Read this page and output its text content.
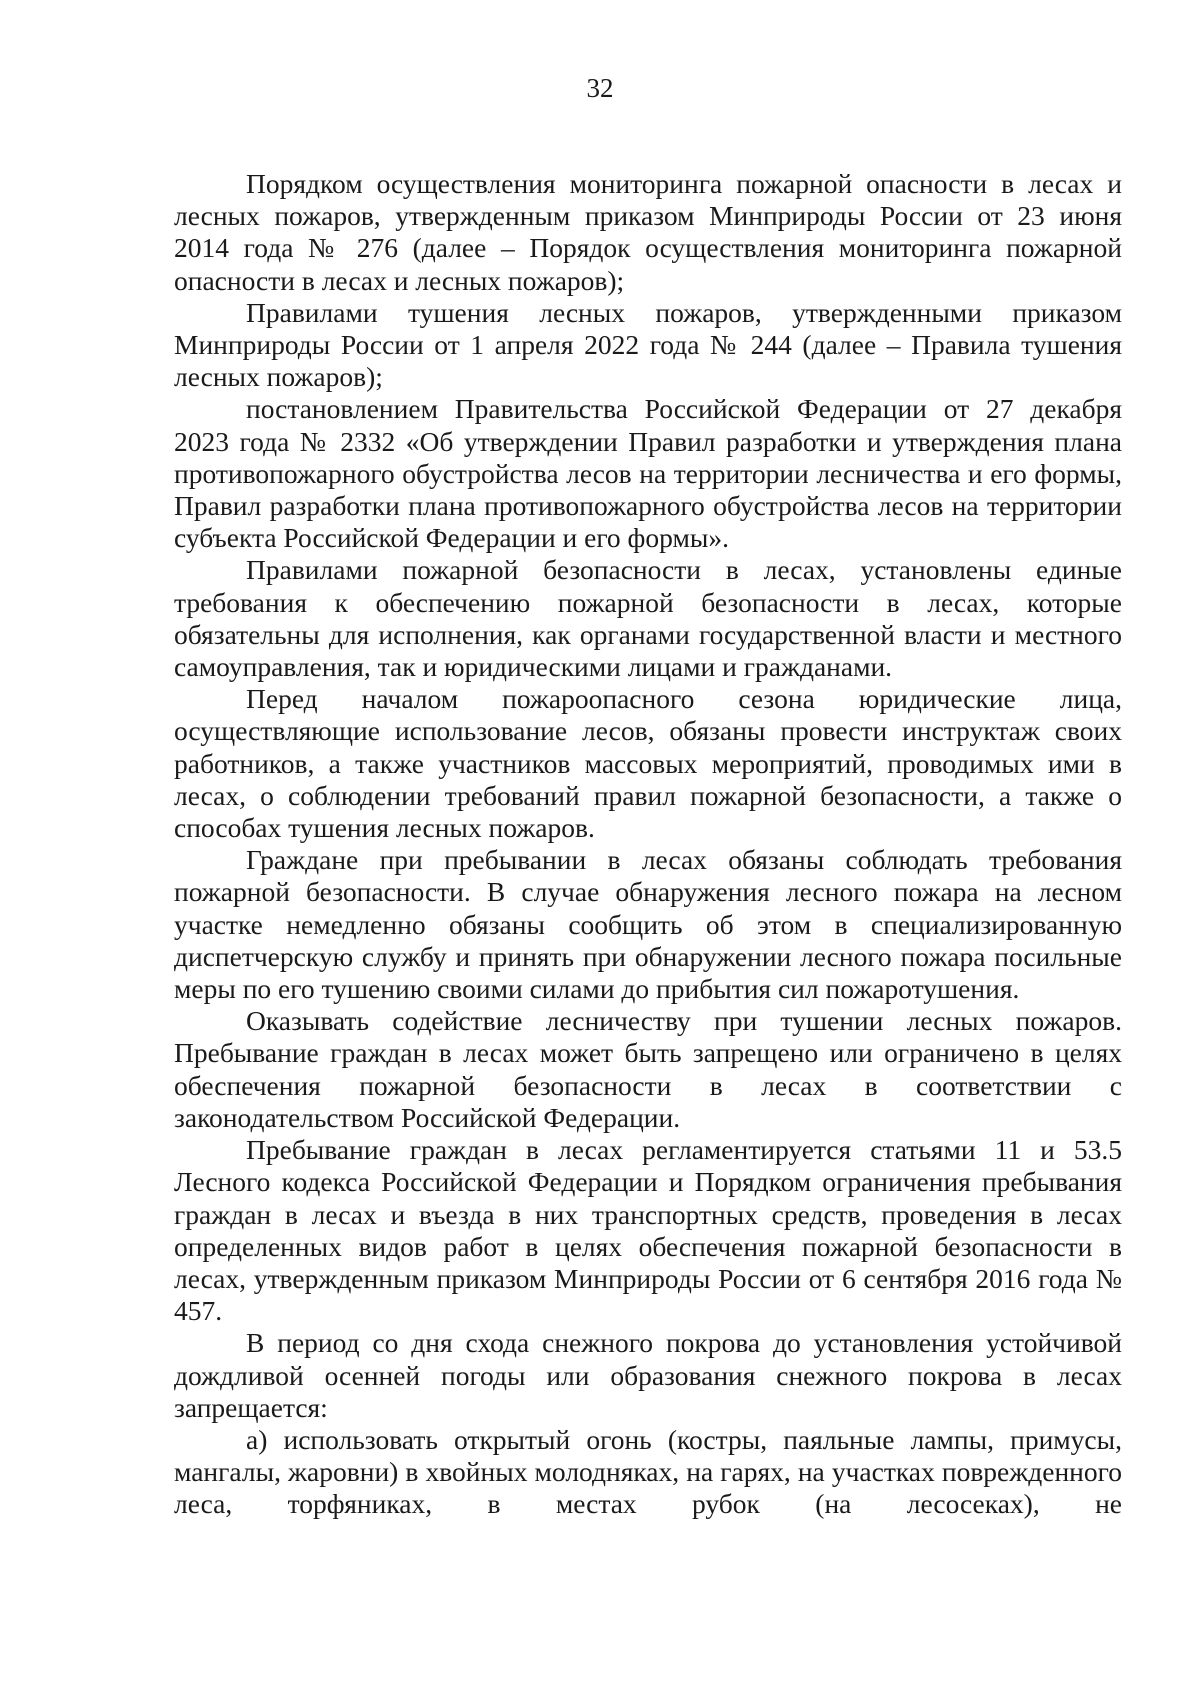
32

Порядком осуществления мониторинга пожарной опасности в лесах и лесных пожаров, утвержденным приказом Минприроды России от 23 июня 2014 года № 276 (далее – Порядок осуществления мониторинга пожарной опасности в лесах и лесных пожаров);

Правилами тушения лесных пожаров, утвержденными приказом Минприроды России от 1 апреля 2022 года № 244 (далее – Правила тушения лесных пожаров);

постановлением Правительства Российской Федерации от 27 декабря 2023 года № 2332 «Об утверждении Правил разработки и утверждения плана противопожарного обустройства лесов на территории лесничества и его формы, Правил разработки плана противопожарного обустройства лесов на территории субъекта Российской Федерации и его формы».

Правилами пожарной безопасности в лесах, установлены единые требования к обеспечению пожарной безопасности в лесах, которые обязательны для исполнения, как органами государственной власти и местного самоуправления, так и юридическими лицами и гражданами.

Перед началом пожароопасного сезона юридические лица, осуществляющие использование лесов, обязаны провести инструктаж своих работников, а также участников массовых мероприятий, проводимых ими в лесах, о соблюдении требований правил пожарной безопасности, а также о способах тушения лесных пожаров.

Граждане при пребывании в лесах обязаны соблюдать требования пожарной безопасности. В случае обнаружения лесного пожара на лесном участке немедленно обязаны сообщить об этом в специализированную диспетчерскую службу и принять при обнаружении лесного пожара посильные меры по его тушению своими силами до прибытия сил пожаротушения.

Оказывать содействие лесничеству при тушении лесных пожаров. Пребывание граждан в лесах может быть запрещено или ограничено в целях обеспечения пожарной безопасности в лесах в соответствии с законодательством Российской Федерации.

Пребывание граждан в лесах регламентируется статьями 11 и 53.5 Лесного кодекса Российской Федерации и Порядком ограничения пребывания граждан в лесах и въезда в них транспортных средств, проведения в лесах определенных видов работ в целях обеспечения пожарной безопасности в лесах, утвержденным приказом Минприроды России от 6 сентября 2016 года № 457.

В период со дня схода снежного покрова до установления устойчивой дождливой осенней погоды или образования снежного покрова в лесах запрещается:

а) использовать открытый огонь (костры, паяльные лампы, примусы, мангалы, жаровни) в хвойных молодняках, на гарях, на участках поврежденного леса, торфяниках, в местах рубок (на лесосеках), не
